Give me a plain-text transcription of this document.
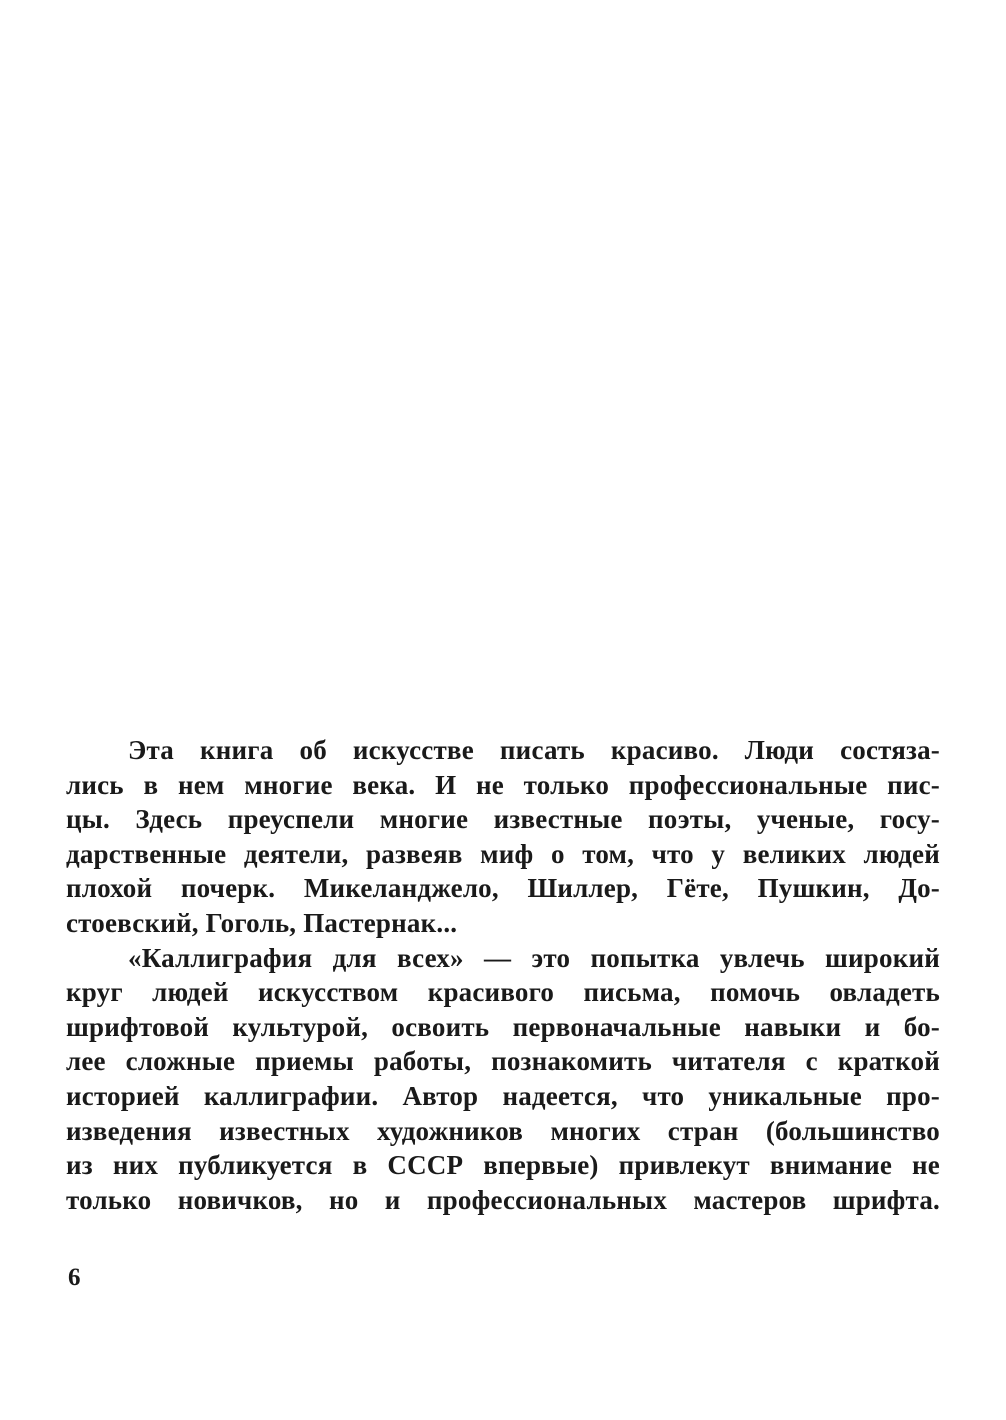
Эта книга об искусстве писать красиво. Люди состяза-
лись в нем многие века. И не только профессиональные пис-
цы. Здесь преуспели многие известные поэты, ученые, госу-
дарственные деятели, развеяв миф о том, что у великих людей
плохой почерк. Микеланджело, Шиллер, Гёте, Пушкин, До-
стоевский, Гоголь, Пастернак...
«Каллиграфия для всех» — это попытка увлечь широкий
круг людей искусством красивого письма, помочь овладеть
шрифтовой культурой, освоить первоначальные навыки и бо-
лее сложные приемы работы, познакомить читателя с краткой
историей каллиграфии. Автор надеется, что уникальные про-
изведения известных художников многих стран (большинство
из них публикуется в СССР впервые) привлекут внимание не
только новичков, но и профессиональных мастеров шрифта.
6
